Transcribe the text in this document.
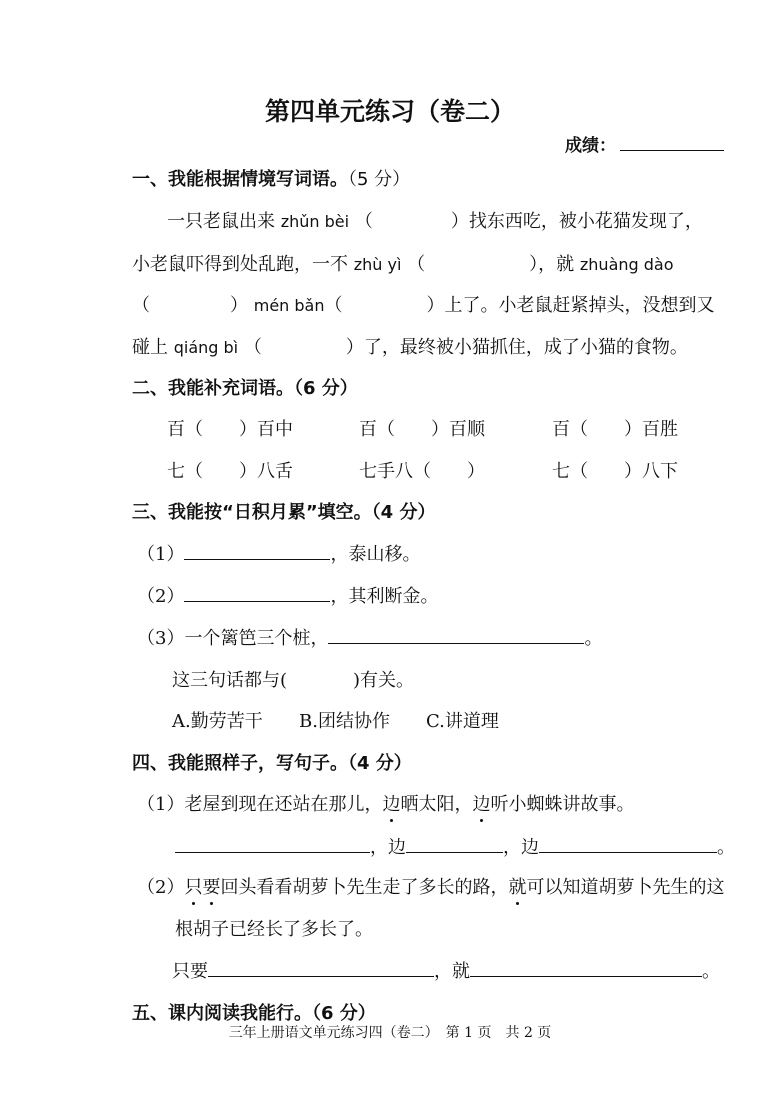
第四单元练习（卷二）
成绩：
一、我能根据情境写词语。（5 分）
一只老鼠出来 zhǔn bèi （	）找东西吃，被小花猫发现了，
小老鼠吓得到处乱跑，一不 zhù yì （	），就 zhuàng dào
（	） mén bǎn（	）上了。小老鼠赶紧掉头，没想到又
碰上 qiáng bì （	）了，最终被小猫抓住，成了小猫的食物。
二、我能补充词语。（6 分）
百（　　）百中	百（　　）百顺	百（　　）百胜
七（　　）八舌	七手八（　　）	七（　　）八下
三、我能按“日积月累”填空。（4 分）
（1）	，泰山移。
（2）	，其利断金。
（3）一个篱笆三个桩，	。
这三句话都与(	)有关。
A.勤劳苦干 B.团结协作 C.讲道理
四、我能照样子，写句子。（4 分）
（1）老屋到现在还站在那儿，边晒太阳，边听小蜘蛛讲故事。
，边	，边	。
（2）只要回头看看胡萝卜先生走了多长的路，就可以知道胡萝卜先生的这
根胡子已经长了多长了。
只要	，就	。
五、课内阅读我能行。（6 分）
三年上册语文单元练习四（卷二）　第 1 页　共 2 页
